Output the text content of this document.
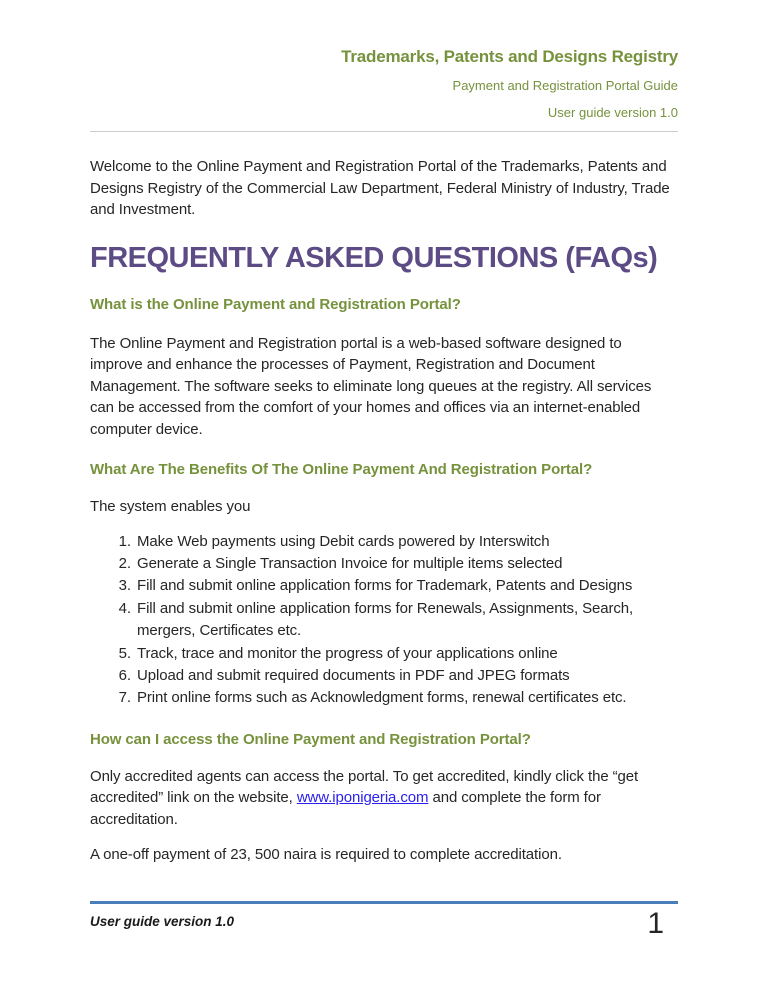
Trademarks, Patents and Designs Registry
Payment and Registration Portal Guide
User guide version 1.0

Welcome to the Online Payment and Registration Portal of the Trademarks, Patents and Designs Registry of the Commercial Law Department, Federal Ministry of Industry, Trade and Investment.

FREQUENTLY ASKED QUESTIONS (FAQs)
What is the Online Payment and Registration Portal?

The Online Payment and Registration portal is a web-based software designed to improve and enhance the processes of Payment, Registration and Document Management. The software seeks to eliminate long queues at the registry. All services can be accessed from the comfort of your homes and offices via an internet-enabled computer device.

What Are The Benefits Of The Online Payment And Registration Portal?

The system enables you

1. Make Web payments using Debit cards powered by Interswitch
2. Generate a Single Transaction Invoice for multiple items selected
3. Fill and submit online application forms for Trademark, Patents and Designs
4. Fill and submit online application forms for Renewals, Assignments, Search, mergers, Certificates etc.
5. Track, trace and monitor the progress of your applications online
6. Upload and submit required documents in PDF and JPEG formats
7. Print online forms such as Acknowledgment forms, renewal certificates etc.
How can I access the Online Payment and Registration Portal?

Only accredited agents can access the portal. To get accredited, kindly click the “get accredited” link on the website, www.iponigeria.com and complete the form for accreditation.

A one-off payment of 23, 500 naira is required to complete accreditation.

User guide version 1.0	1
